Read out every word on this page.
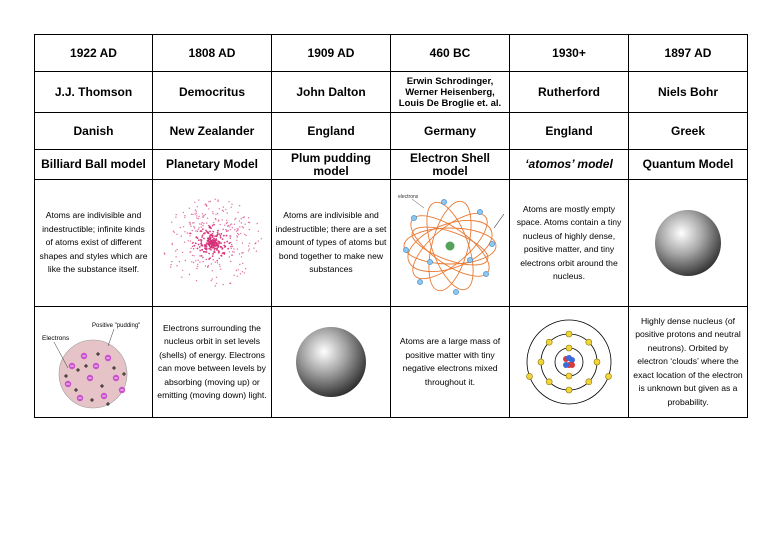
1922 AD	1808 AD	1909 AD	460 BC	1930+	1897 AD
J.J. Thomson	Democritus	John Dalton	Erwin Schrodinger, Werner Heisenberg, Louis De Broglie et. al.	Rutherford	Niels Bohr
Danish	New Zealander	England	Germany	England	Greek
Billiard Ball model	Planetary Model	Plum pudding model	Electron Shell model	‘atomos’ model	Quantum Model
Atoms are indivisible and indestructible; infinite kinds of atoms exist of different shapes and styles which are like the substance itself.		Atoms are indivisible and indestructible; there are a set amount of types of atoms but bond together to make new substances	electrons	Atoms are mostly empty space. Atoms contain a tiny nucleus of highly dense, positive matter, and tiny electrons orbit around the nucleus.	

Electrons
Positive "pudding"	Electrons surrounding the nucleus orbit in set levels (shells) of energy. Electrons can move between levels by absorbing (moving up) or emitting (moving down) light.		Atoms are a large mass of positive matter with tiny negative electrons mixed throughout it.		Highly dense nucleus (of positive protons and neutral neutrons). Orbited by electron ‘clouds’ where the exact location of the electron is unknown but given as a probability.
